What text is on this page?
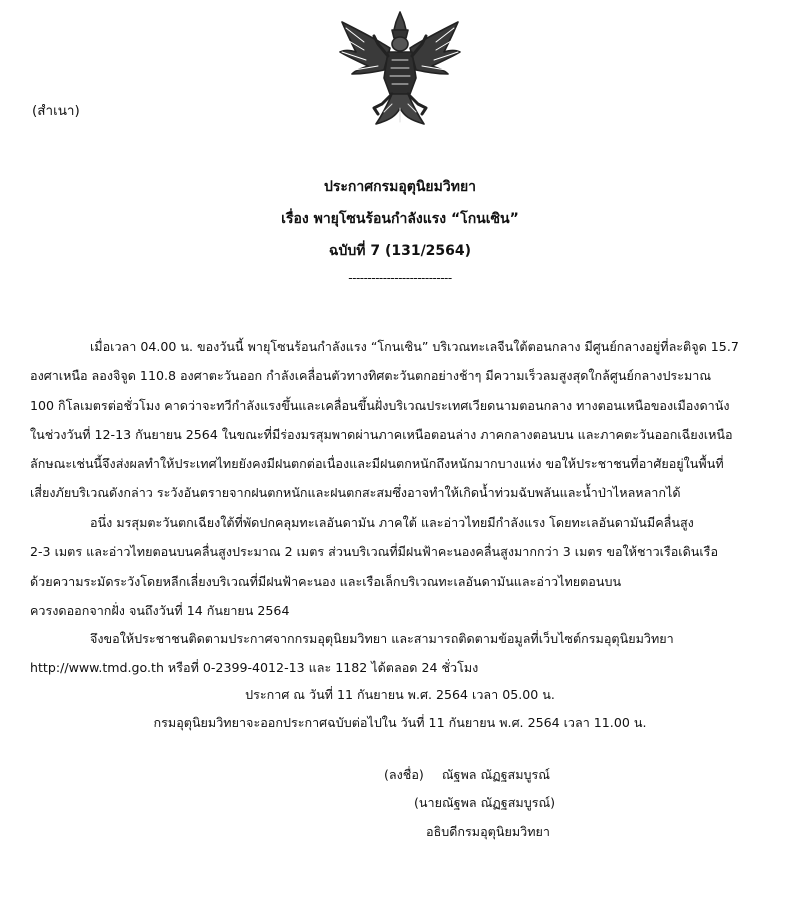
(สำเนา)
ประกาศกรมอุตุนิยมวิทยา
เรื่อง พายุโซนร้อนกำลังแรง “โกนเซิน”
ฉบับที่ 7 (131/2564)
---------------------------
เมื่อเวลา 04.00 น. ของวันนี้ พายุโซนร้อนกำลังแรง “โกนเซิน” บริเวณทะเลจีนใต้ตอนกลาง มีศูนย์กลางอยู่ที่ละติจูด 15.7
องศาเหนือ ลองจิจูด 110.8 องศาตะวันออก กำลังเคลื่อนตัวทางทิศตะวันตกอย่างช้าๆ มีความเร็วลมสูงสุดใกล้ศูนย์กลางประมาณ
100 กิโลเมตรต่อชั่วโมง คาดว่าจะทวีกำลังแรงขึ้นและเคลื่อนขึ้นฝั่งบริเวณประเทศเวียดนามตอนกลาง ทางตอนเหนือของเมืองดานัง
ในช่วงวันที่ 12-13 กันยายน 2564 ในขณะที่มีร่องมรสุมพาดผ่านภาคเหนือตอนล่าง ภาคกลางตอนบน และภาคตะวันออกเฉียงเหนือ
ลักษณะเช่นนี้จึงส่งผลทำให้ประเทศไทยยังคงมีฝนตกต่อเนื่องและมีฝนตกหนักถึงหนักมากบางแห่ง ขอให้ประชาชนที่อาศัยอยู่ในพื้นที่
เสี่ยงภัยบริเวณดังกล่าว ระวังอันตรายจากฝนตกหนักและฝนตกสะสมซึ่งอาจทำให้เกิดน้ำท่วมฉับพลันและน้ำป่าไหลหลากได้
อนึ่ง มรสุมตะวันตกเฉียงใต้ที่พัดปกคลุมทะเลอันดามัน ภาคใต้ และอ่าวไทยมีกำลังแรง โดยทะเลอันดามันมีคลื่นสูง
2-3 เมตร และอ่าวไทยตอนบนคลื่นสูงประมาณ 2 เมตร ส่วนบริเวณที่มีฝนฟ้าคะนองคลื่นสูงมากกว่า 3 เมตร ขอให้ชาวเรือเดินเรือ
ด้วยความระมัดระวังโดยหลีกเลี่ยงบริเวณที่มีฝนฟ้าคะนอง และเรือเล็กบริเวณทะเลอันดามันและอ่าวไทยตอนบน
ควรงดออกจากฝั่ง จนถึงวันที่ 14 กันยายน 2564
จึงขอให้ประชาชนติดตามประกาศจากกรมอุตุนิยมวิทยา และสามารถติดตามข้อมูลที่เว็บไซต์กรมอุตุนิยมวิทยา
http://www.tmd.go.th หรือที่ 0-2399-4012-13 และ 1182 ได้ตลอด 24 ชั่วโมง
ประกาศ ณ วันที่ 11 กันยายน พ.ศ. 2564 เวลา 05.00 น.
กรมอุตุนิยมวิทยาจะออกประกาศฉบับต่อไปใน วันที่ 11 กันยายน พ.ศ. 2564 เวลา 11.00 น.
(ลงชื่อ) ณัฐพล ณัฏฐสมบูรณ์
(นายณัฐพล ณัฏฐสมบูรณ์)
อธิบดีกรมอุตุนิยมวิทยา
